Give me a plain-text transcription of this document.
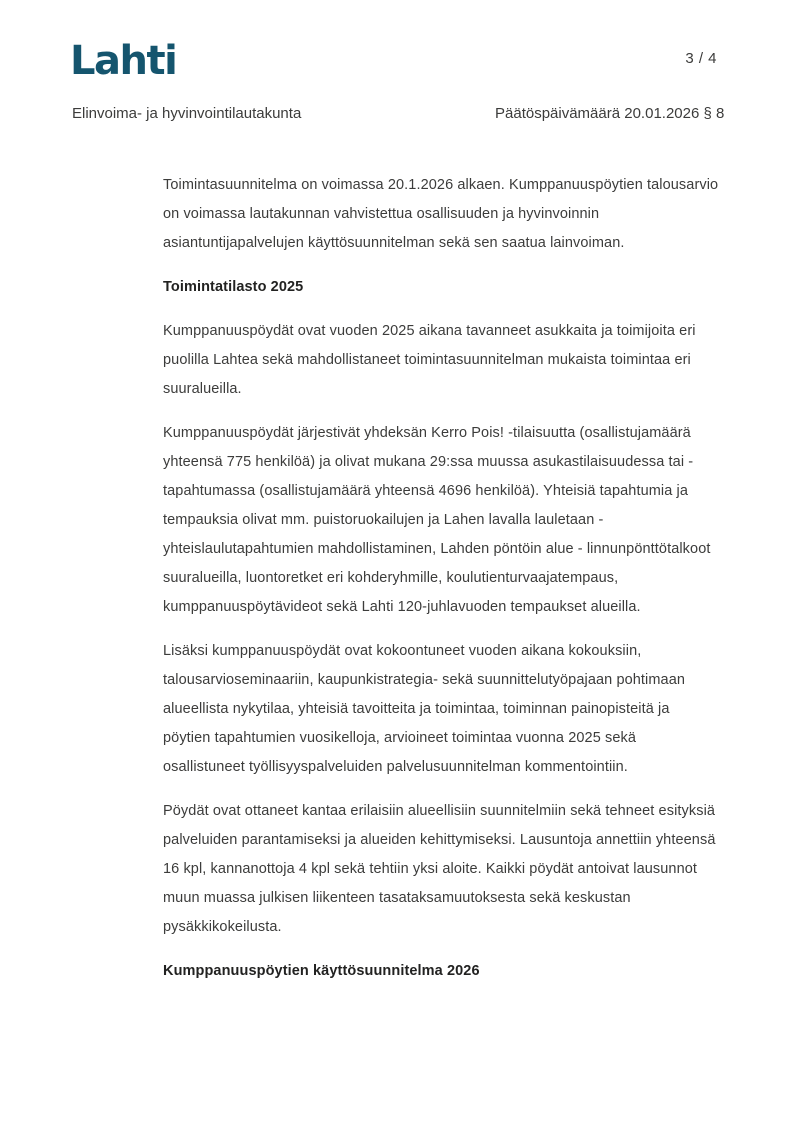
Lahti	3 / 4
Elinvoima- ja hyvinvointilautakunta	Päätöspäivämäärä 20.01.2026 § 8

Toimintasuunnitelma on voimassa 20.1.2026 alkaen. Kumppanuuspöytien talousarvio on voimassa lautakunnan vahvistettua osallisuuden ja hyvinvoinnin asiantuntijapalvelujen käyttösuunnitelman sekä sen saatua lainvoiman.

Toimintatilasto 2025

Kumppanuuspöydät ovat vuoden 2025 aikana tavanneet asukkaita ja toimijoita eri puolilla Lahtea sekä mahdollistaneet toimintasuunnitelman mukaista toimintaa eri suuralueilla.

Kumppanuuspöydät järjestivät yhdeksän Kerro Pois! -tilaisuutta (osallistujamäärä yhteensä 775 henkilöä) ja olivat mukana 29:ssa muussa asukastilaisuudessa tai -tapahtumassa (osallistujamäärä yhteensä 4696 henkilöä). Yhteisiä tapahtumia ja tempauksia olivat mm. puistoruokailujen ja Lahen lavalla lauletaan - yhteislaulutapahtumien mahdollistaminen, Lahden pöntöin alue - linnunpönttötalkoot suuralueilla, luontoretket eri kohderyhmille, koulutienturvaajatempaus, kumppanuuspöytävideot sekä Lahti 120-juhlavuoden tempaukset alueilla.

Lisäksi kumppanuuspöydät ovat kokoontuneet vuoden aikana kokouksiin, talousarvioseminaariin, kaupunkistrategia- sekä suunnittelutyöpajaan pohtimaan alueellista nykytilaa, yhteisiä tavoitteita ja toimintaa, toiminnan painopisteitä ja pöytien tapahtumien vuosikelloja, arvioineet toimintaa vuonna 2025 sekä osallistuneet työllisyyspalveluiden palvelusuunnitelman kommentointiin.

Pöydät ovat ottaneet kantaa erilaisiin alueellisiin suunnitelmiin sekä tehneet esityksiä palveluiden parantamiseksi ja alueiden kehittymiseksi. Lausuntoja annettiin yhteensä 16 kpl, kannanottoja 4 kpl sekä tehtiin yksi aloite. Kaikki pöydät antoivat lausunnot muun muassa julkisen liikenteen tasataksamuutoksesta sekä keskustan pysäkkikokeilusta.

Kumppanuuspöytien käyttösuunnitelma 2026
